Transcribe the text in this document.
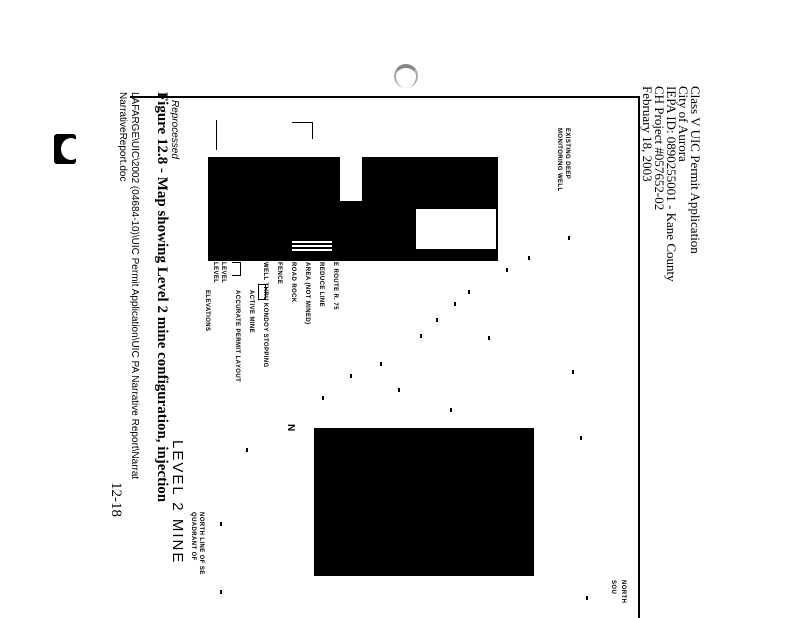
Class V UIC Permit Application
City of Aurora
IEPA ID: 0890255001 - Kane County
CH Project #057652-02
February 18, 2003
EXISTING DEEP
MONITORING WELL
E ROUTE R. 75
REDUCE LINE
AREA (NOT MINED)
ROAD ROCK
FENCE
WELL THRU KONDOY STOPPING
ACTIVE MINE
ACCURATE PERMIT LAYOUT
LEVEL
LEVEL
ELEVATIONS
N
NORTH LINE OF SE
QUADRANT OF
NORTH
SOU
LEVEL 2 MINE
Reprocessed
Figure 12.8 - Map showing Level 2 mine configuration, injection
LAFARGE\UIC\2002 (04684-10)\UIC Permit Application\UIC PA Narrative Report\Narrat
NarrativeReport.doc
12-18
